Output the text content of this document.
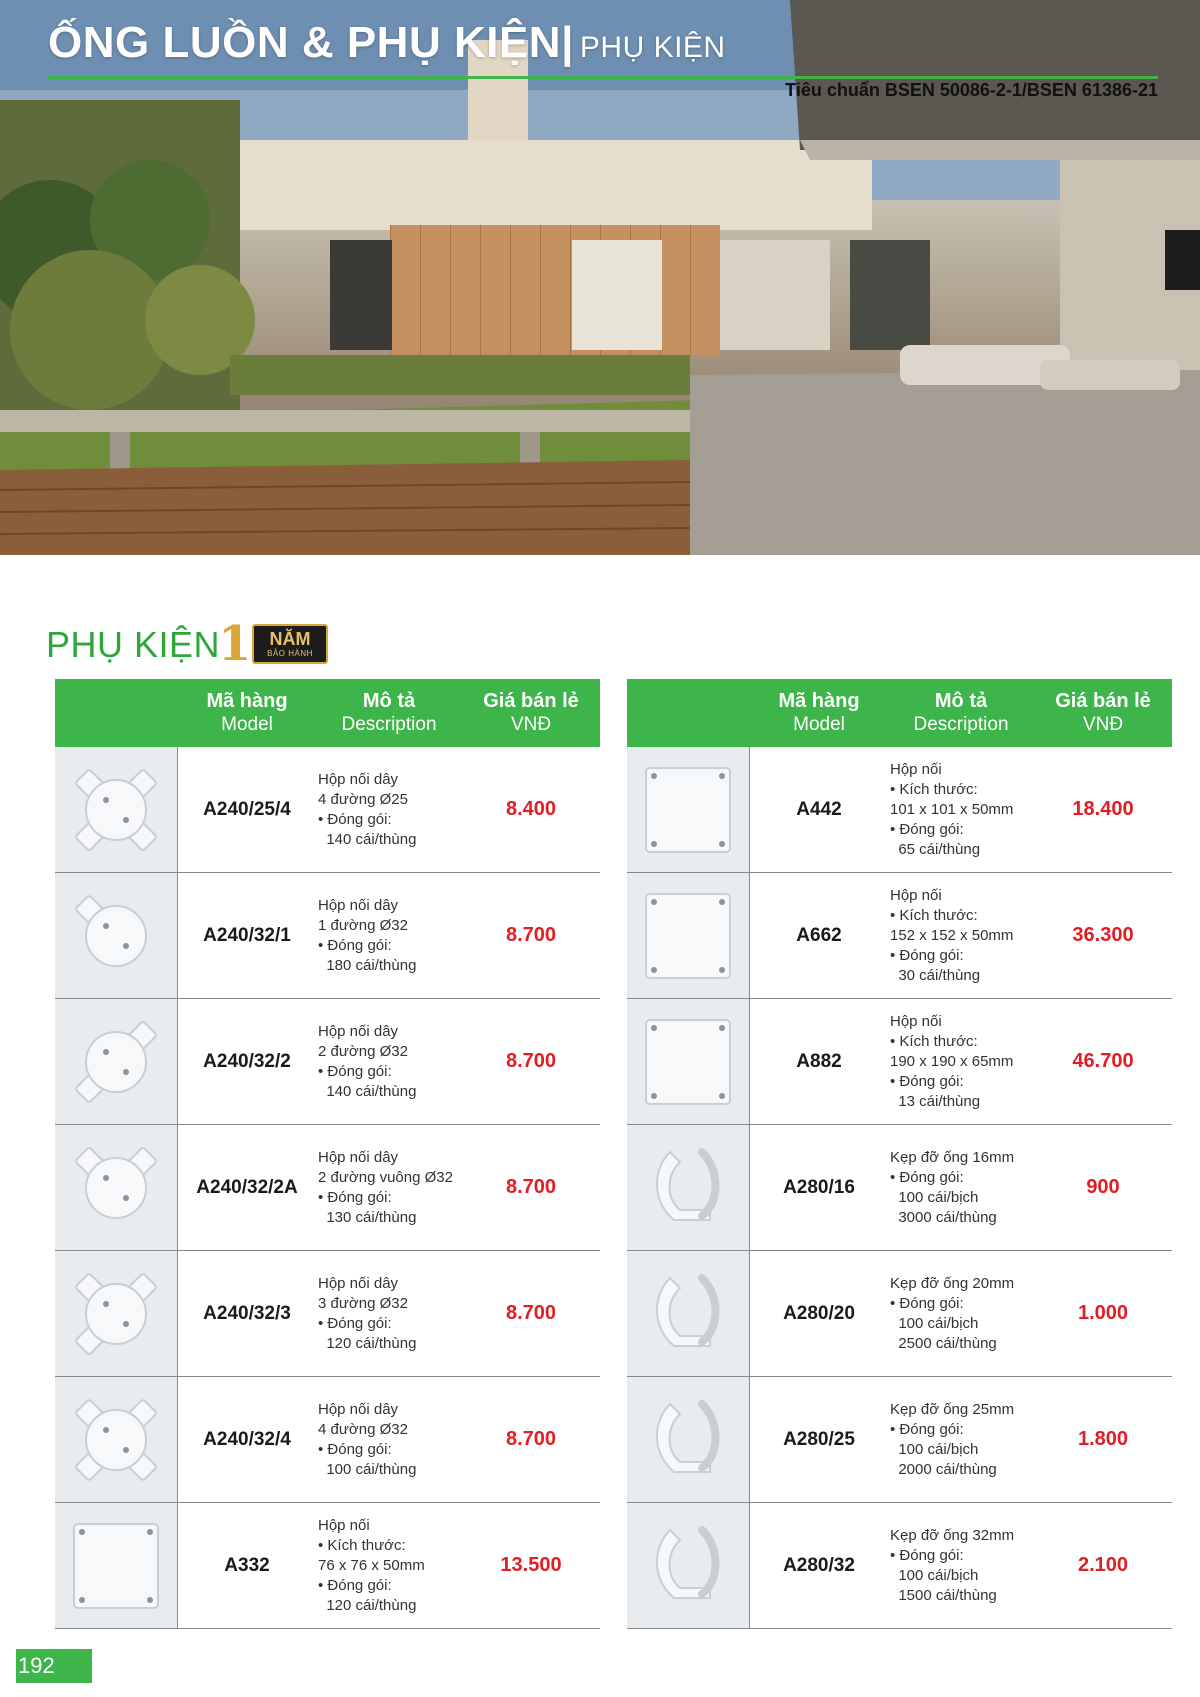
ỐNG LUỒN & PHỤ KIỆN| PHỤ KIỆN
Tiêu chuẩn BSEN 50086-2-1/BSEN 61386-21
PHỤ KIỆN
1	NĂM
BẢO HÀNH
Mã hàng
Model
Mô tả
Description
Giá bán lẻ
VNĐ
A240/25/4
Hộp nối dây
4 đường Ø25
• Đóng gói:
140 cái/thùng
8.400
A240/32/1
Hộp nối dây
1 đường Ø32
• Đóng gói:
180 cái/thùng
8.700
A240/32/2
Hộp nối dây
2 đường Ø32
• Đóng gói:
140 cái/thùng
8.700
A240/32/2A
Hộp nối dây
2 đường vuông Ø32
• Đóng gói:
130 cái/thùng
8.700
A240/32/3
Hộp nối dây
3 đường Ø32
• Đóng gói:
120 cái/thùng
8.700
A240/32/4
Hộp nối dây
4 đường Ø32
• Đóng gói:
100 cái/thùng
8.700
A332
Hộp nối
• Kích thước:
76 x 76 x 50mm
• Đóng gói:
120 cái/thùng
13.500
Mã hàng
Model
Mô tả
Description
Giá bán lẻ
VNĐ
A442
Hộp nối
• Kích thước:
101 x 101 x 50mm
• Đóng gói:
65 cái/thùng
18.400
A662
Hộp nối
• Kích thước:
152 x 152 x 50mm
• Đóng gói:
30 cái/thùng
36.300
A882
Hộp nối
• Kích thước:
190 x 190 x 65mm
• Đóng gói:
13 cái/thùng
46.700
A280/16
Kẹp đỡ ống 16mm
• Đóng gói:
100 cái/bịch
3000 cái/thùng
900
A280/20
Kẹp đỡ ống 20mm
• Đóng gói:
100 cái/bịch
2500 cái/thùng
1.000
A280/25
Kẹp đỡ ống 25mm
• Đóng gói:
100 cái/bịch
2000 cái/thùng
1.800
A280/32
Kẹp đỡ ống 32mm
• Đóng gói:
100 cái/bịch
1500 cái/thùng
2.100
192
